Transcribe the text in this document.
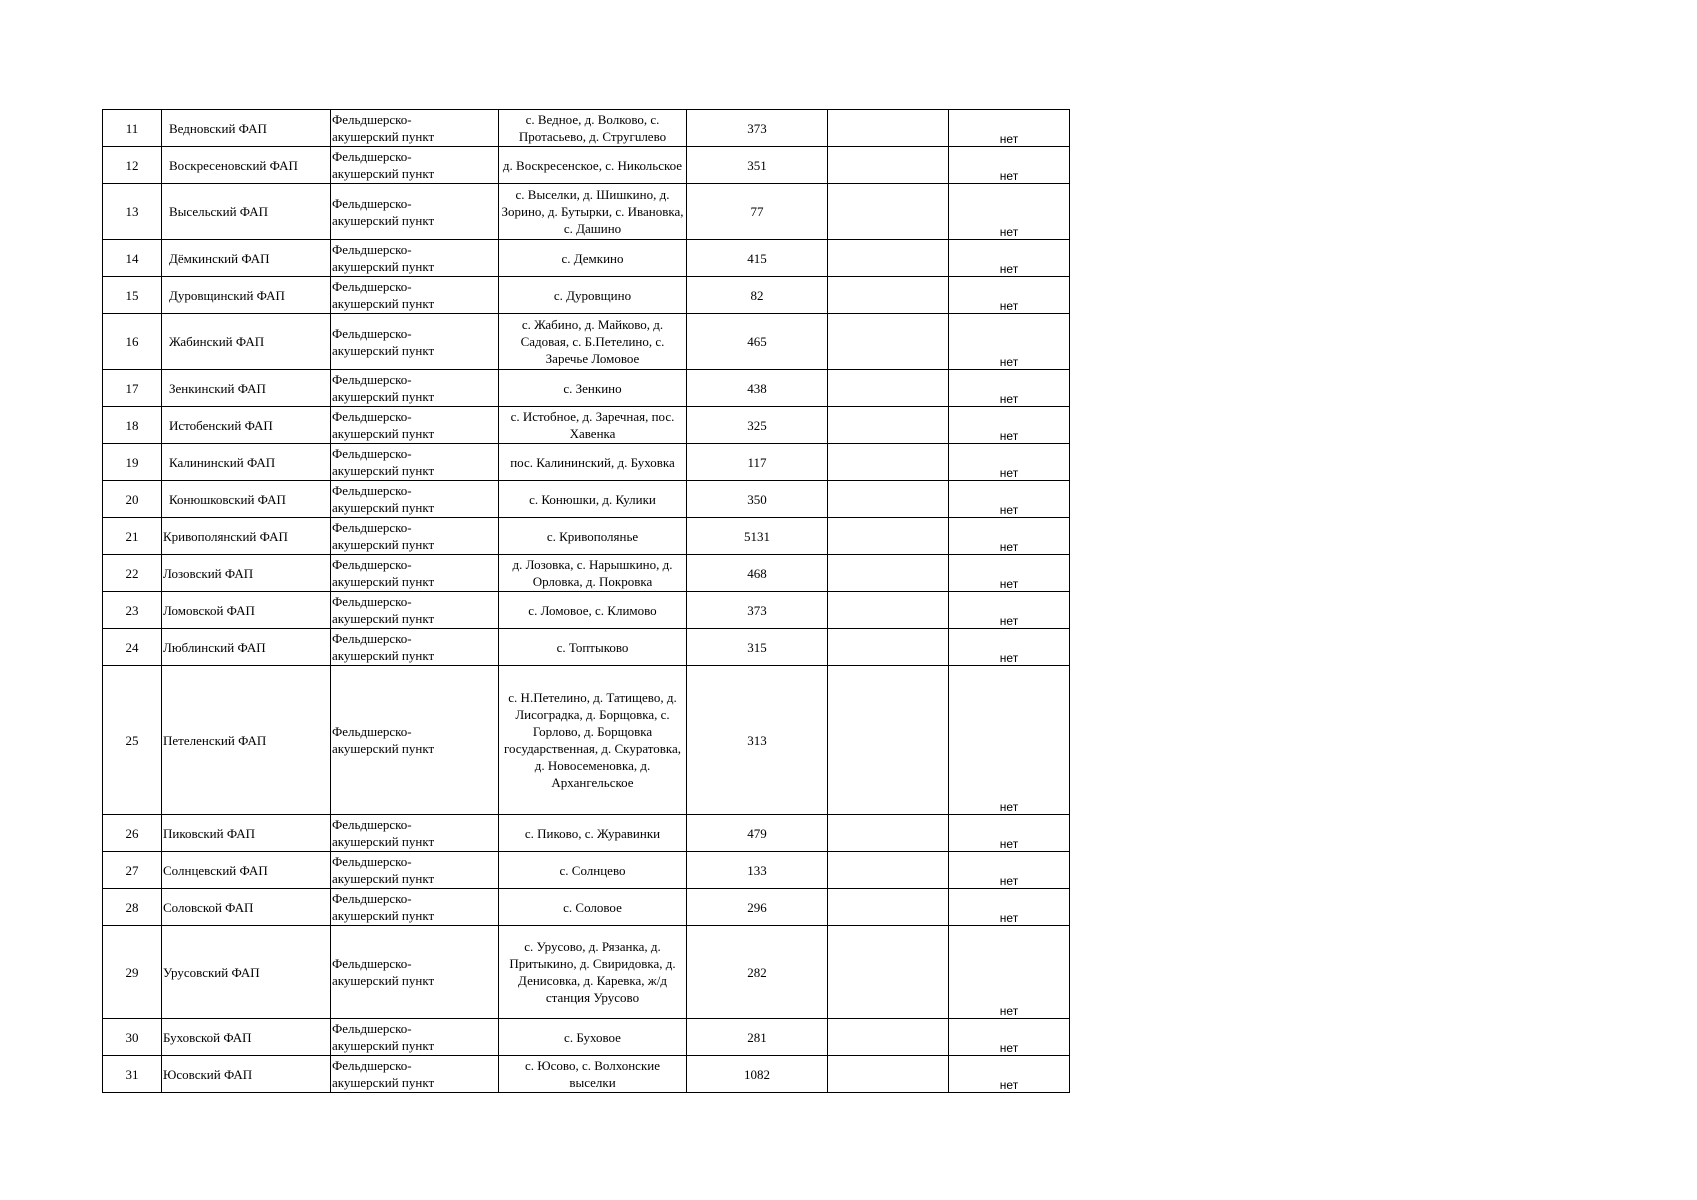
11	Ведновский ФАП	Фельдшерско-
акушерский пункт	с. Ведное, д. Волково, с. Протасьево, д. Стругuлево	373		нет
12	Воскресеновский ФАП	Фельдшерско-
акушерский пункт	д. Воскресенское, с. Никольское	351		нет
13	Высельский ФАП	Фельдшерско-
акушерский пункт	с. Выселки, д. Шишкино, д. Зорино, д. Бутырки, с. Ивановка, с. Дашино	77		нет
14	Дёмкинский ФАП	Фельдшерско-
акушерский пункт	с. Демкино	415		нет
15	Дуровщинский ФАП	Фельдшерско-
акушерский пункт	с. Дуровщино	82		нет
16	Жабинский ФАП	Фельдшерско-
акушерский пункт	с. Жабино, д. Майково, д. Садовая, с. Б.Петелино, с. Заречье Ломовое	465		нет
17	Зенкинский ФАП	Фельдшерско-
акушерский пункт	с. Зенкино	438		нет
18	Истобенский ФАП	Фельдшерско-
акушерский пункт	с. Истобное, д. Заречная, пос. Хавенка	325		нет
19	Калининский ФАП	Фельдшерско-
акушерский пункт	пос. Калининский, д. Буховка	117		нет
20	Конюшковский ФАП	Фельдшерско-
акушерский пункт	с. Конюшки, д. Кулики	350		нет
21	Кривополянский ФАП	Фельдшерско-
акушерский пункт	с. Кривополянье	5131		нет
22	Лозовский ФАП	Фельдшерско-
акушерский пункт	д. Лозовка, с. Нарышкино, д. Орловка, д. Покровка	468		нет
23	Ломовской ФАП	Фельдшерско-
акушерский пункт	с. Ломовое, с. Климово	373		нет
24	Люблинский ФАП	Фельдшерско-
акушерский пункт	с. Топтыково	315		нет
25	Петеленский ФАП	Фельдшерско-
акушерский пункт	с. Н.Петелино, д. Татищево, д. Лисоградка, д. Борщовка, с. Горлово, д. Борщовка государственная, д. Скуратовка, д. Новосеменовка, д. Архангельское	313		нет
26	Пиковский ФАП	Фельдшерско-
акушерский пункт	с. Пиково, с. Журавинки	479		нет
27	Солнцевский ФАП	Фельдшерско-
акушерский пункт	с. Солнцево	133		нет
28	Соловской ФАП	Фельдшерско-
акушерский пункт	с. Соловое	296		нет
29	Урусовский ФАП	Фельдшерско-
акушерский пункт	с. Урусово, д. Рязанка, д. Притыкино, д. Свиридовка, д. Денисовка, д. Каревка, ж/д станция Урусово	282		нет
30	Буховской ФАП	Фельдшерско-
акушерский пункт	с. Буховое	281		нет
31	Юсовский ФАП	Фельдшерско-
акушерский пункт	с. Юсово, с. Волхонские выселки	1082		нет
